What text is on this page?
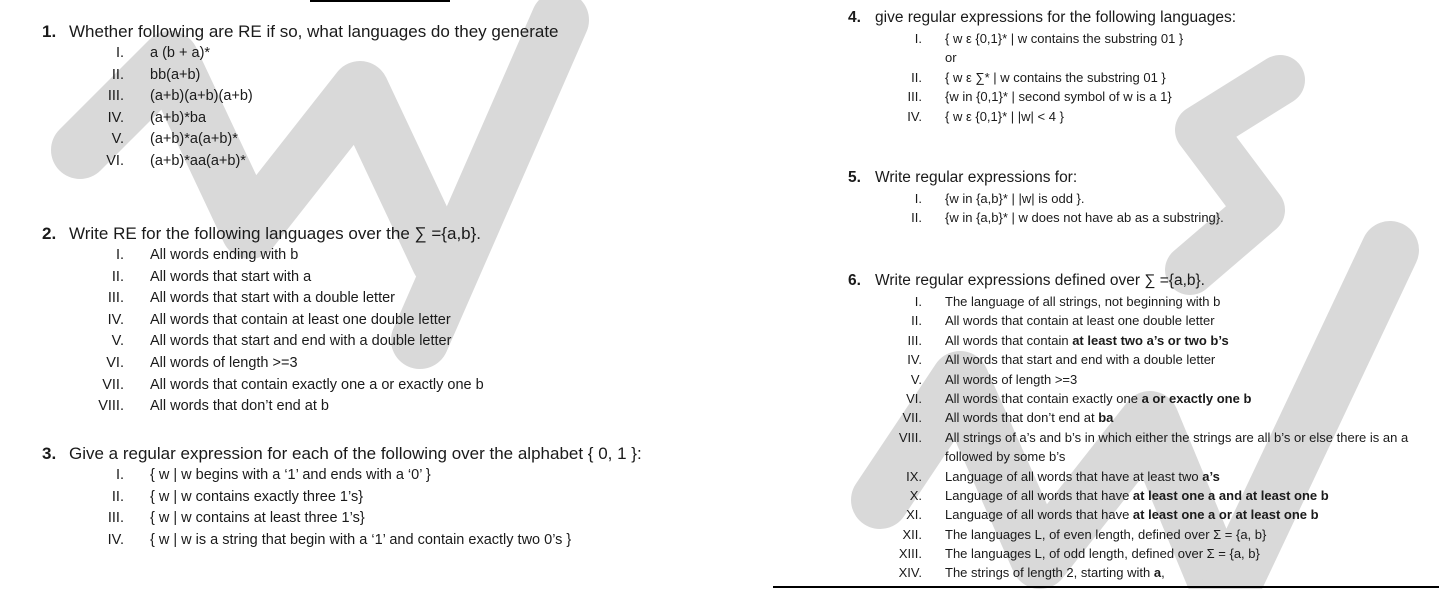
1. Whether following are RE if so, what languages do they generate
I. a (b + a)*
II. bb(a+b)
III. (a+b)(a+b)(a+b)
IV. (a+b)*ba
V. (a+b)*a(a+b)*
VI. (a+b)*aa(a+b)*
2. Write RE for the following languages over the ∑ ={a,b}.
I. All words ending with b
II. All words that start with a
III. All words that start with a double letter
IV. All words that contain at least one double letter
V. All words that start and end with a double letter
VI. All words of length >=3
VII. All words that contain exactly one a or exactly one b
VIII. All words that don’t end at b
3. Give a regular expression for each of the following over the alphabet { 0, 1 }:
I. { w | w begins with a ‘1’ and ends with a ‘0’ }
II. { w | w contains exactly three 1’s}
III. { w | w contains at least three 1’s}
IV. { w | w is a string that begin with a ‘1’ and contain exactly two 0’s }
4. give regular expressions for the following languages:
I. { w ε {0,1}* | w contains the substring 01 }
or
II. { w ε ∑* | w contains the substring 01 }
III. {w in {0,1}* | second symbol of w is a 1}
IV. { w ε {0,1}* | |w| < 4 }
5. Write regular expressions for:
I. {w in {a,b}* | |w| is odd }.
II. {w in {a,b}* | w does not have ab as a substring}.
6. Write regular expressions defined over ∑ ={a,b}.
I. The language of all strings, not beginning with b
II. All words that contain at least one double letter
III. All words that contain at least two a’s or two b’s
IV. All words that start and end with a double letter
V. All words of length >=3
VI. All words that contain exactly one a or exactly one b
VII. All words that don’t end at ba
VIII. All strings of a’s and b’s in which either the strings are all b’s or else there is an a
followed by some b’s
IX. Language of all words that have at least two a’s
X. Language of all words that have at least one a and at least one b
XI. Language of all words that have at least one a or at least one b
XII. The languages L, of even length, defined over Σ = {a, b}
XIII. The languages L, of odd length, defined over Σ = {a, b}
XIV. The strings of length 2, starting with a,
